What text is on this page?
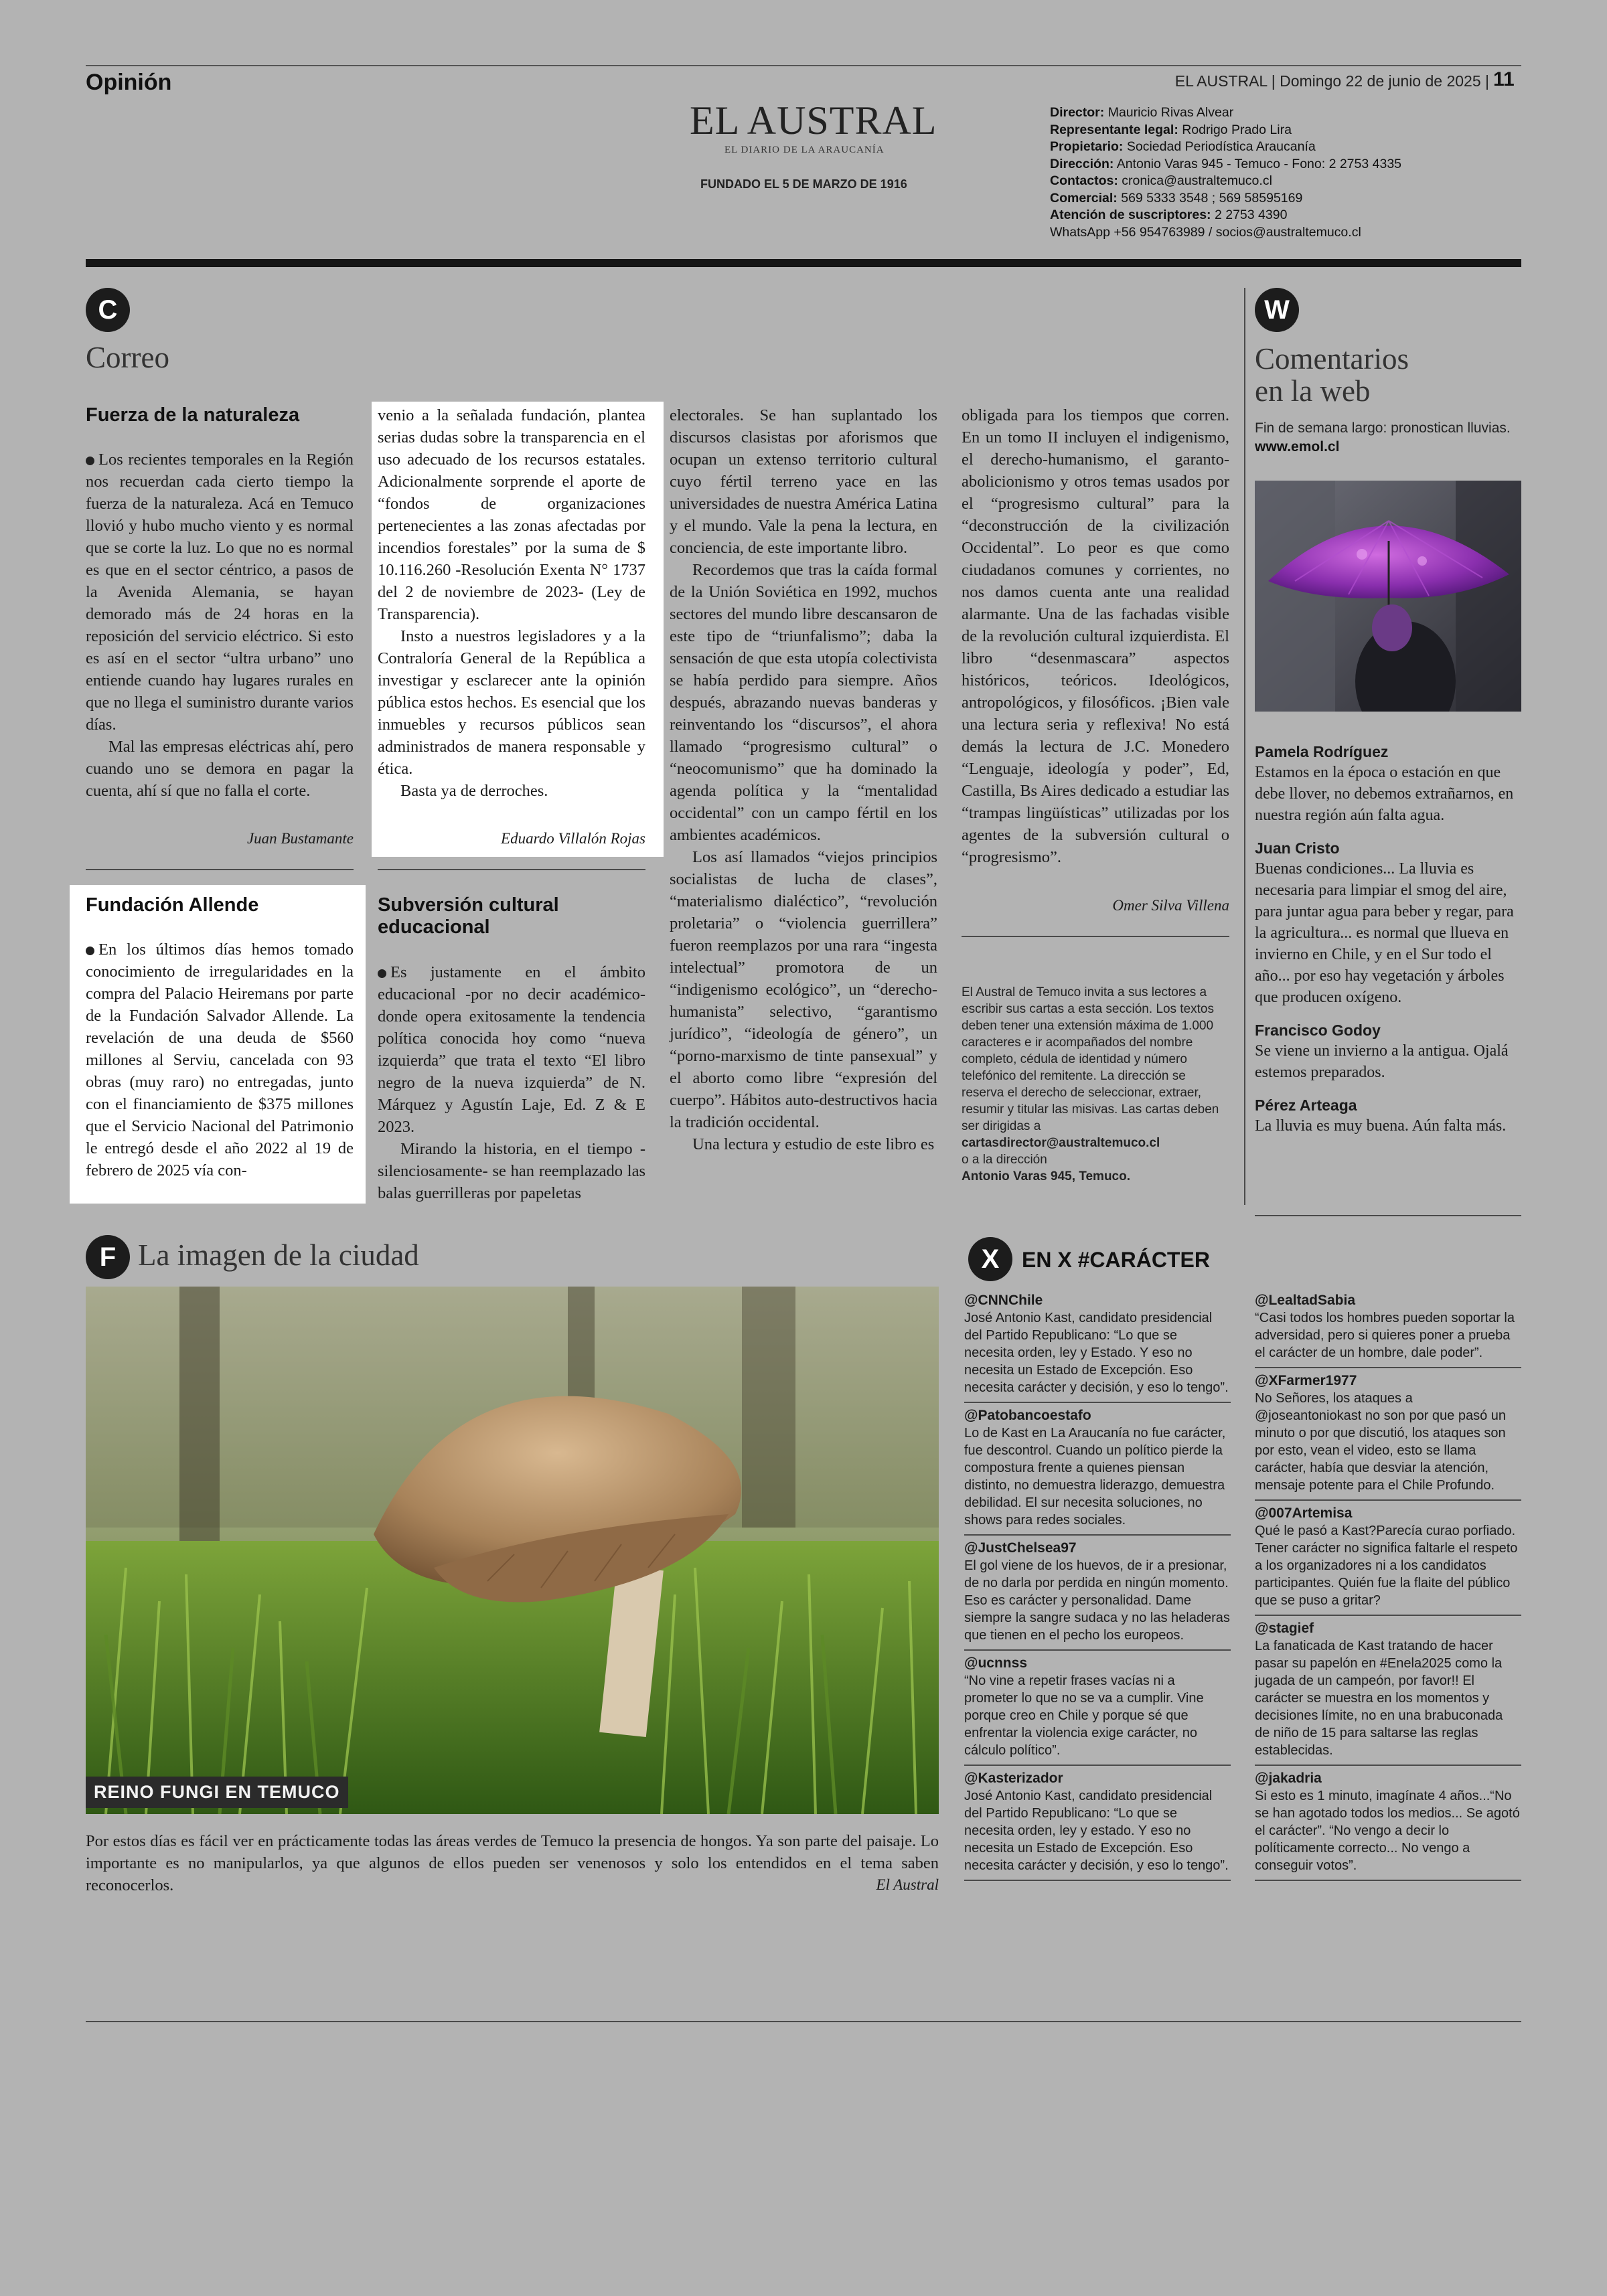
Opinión	EL AUSTRAL | Domingo 22 de junio de 2025 | 11
EL AUSTRAL
EL DIARIO DE LA ARAUCANÍA
FUNDADO EL 5 DE MARZO DE 1916
Director: Mauricio Rivas Alvear
Representante legal: Rodrigo Prado Lira
Propietario: Sociedad Periodística Araucanía
Dirección: Antonio Varas 945 - Temuco - Fono: 2 2753 4335
Contactos: cronica@australtemuco.cl
Comercial: 569 5333 3548 ; 569 58595169
Atención de suscriptores: 2 2753 4390
WhatsApp +56 954763989 / socios@australtemuco.cl
C
Correo
Fuerza de la naturaleza

Los recientes temporales en la Región nos recuerdan cada cierto tiempo la fuerza de la naturaleza. Acá en Temuco llovió y hubo mucho viento y es normal que se corte la luz. Lo que no es normal es que en el sector céntrico, a pasos de la Avenida Alemania, se hayan demorado más de 24 horas en la reposición del servicio eléctrico. Si esto es así en el sector “ultra urbano” uno entiende cuando hay lugares rurales en que no llega el suministro durante varios días.

Mal las empresas eléctricas ahí, pero cuando uno se demora en pagar la cuenta, ahí sí que no falla el corte.

Juan Bustamante
Fundación Allende

En los últimos días hemos tomado conocimiento de irregularidades en la compra del Palacio Heiremans por parte de la Fundación Salvador Allende. La revelación de una deuda de $560 millones al Serviu, cancelada con 93 obras (muy raro) no entregadas, junto con el financiamiento de $375 millones que el Servicio Nacional del Patrimonio le entregó desde el año 2022 al 19 de febrero de 2025 vía con-

venio a la señalada fundación, plantea serias dudas sobre la transparencia en el uso adecuado de los recursos estatales. Adicionalmente sorprende el aporte de “fondos de organizaciones pertenecientes a las zonas afectadas por incendios forestales” por la suma de $ 10.116.260 -Resolución Exenta N° 1737 del 2 de noviembre de 2023- (Ley de Transparencia).

Insto a nuestros legisladores y a la Contraloría General de la República a investigar y esclarecer ante la opinión pública estos hechos. Es esencial que los inmuebles y recursos públicos sean administrados de manera responsable y ética.

Basta ya de derroches.

Eduardo Villalón Rojas
Subversión cultural educacional

Es justamente en el ámbito educacional -por no decir académico- donde opera exitosamente la tendencia política conocida hoy como “nueva izquierda” que trata el texto “El libro negro de la nueva izquierda” de N. Márquez y Agustín Laje, Ed. Z & E 2023.

Mirando la historia, en el tiempo -silenciosamente- se han reemplazado las balas guerrilleras por papeletas

electorales. Se han suplantado los discursos clasistas por aforismos que ocupan un extenso territorio cultural cuyo fértil terreno yace en las universidades de nuestra América Latina y el mundo. Vale la pena la lectura, en conciencia, de este importante libro.

Recordemos que tras la caída formal de la Unión Soviética en 1992, muchos sectores del mundo libre descansaron de este tipo de “triunfalismo”; daba la sensación de que esta utopía colectivista se había perdido para siempre. Años después, abrazando nuevas banderas y reinventando los “discursos”, el ahora llamado “progresismo cultural” o “neocomunismo” que ha dominado la agenda política y la “mentalidad occidental” con un campo fértil en los ambientes académicos.

Los así llamados “viejos principios socialistas de lucha de clases”, “materialismo dialéctico”, “revolución proletaria” o “violencia guerrillera” fueron reemplazos por una rara “ingesta intelectual” promotora de un “indigenismo ecológico”, un “derecho-humanista” selectivo, “garantismo jurídico”, “ideología de género”, un “porno-marxismo de tinte pansexual” y el aborto como libre “expresión del cuerpo”. Hábitos auto-destructivos hacia la tradición occidental.

Una lectura y estudio de este libro es

obligada para los tiempos que corren. En un tomo II incluyen el indigenismo, el derecho-humanismo, el garanto-abolicionismo y otros temas usados por el “progresismo cultural” para la “deconstrucción de la civilización Occidental”. Lo peor es que como ciudadanos comunes y corrientes, no nos damos cuenta ante una realidad alarmante. Una de las fachadas visible de la revolución cultural izquierdista. El libro “desenmascara” aspectos históricos, teóricos. Ideológicos, antropológicos, y filosóficos. ¡Bien vale una lectura seria y reflexiva! No está demás la lectura de J.C. Monedero “Lenguaje, ideología y poder”, Ed, Castilla, Bs Aires dedicado a estudiar las “trampas lingüísticas” utilizadas por los agentes de la subversión cultural o “progresismo”.

Omer Silva Villena
El Austral de Temuco invita a sus lectores a escribir sus cartas a esta sección. Los textos deben tener una extensión máxima de 1.000 caracteres e ir acompañados del nombre completo, cédula de identidad y número telefónico del remitente. La dirección se reserva el derecho de seleccionar, extraer, resumir y titular las misivas. Las cartas deben ser dirigidas a
cartasdirector@australtemuco.cl
o a la dirección
Antonio Varas 945, Temuco.
W
Comentarios
en la web
Fin de semana largo: pronostican lluvias.
www.emol.cl
Pamela Rodríguez
Estamos en la época o estación en que debe llover, no debemos extrañarnos, en nuestra región aún falta agua.
Juan Cristo
Buenas condiciones... La lluvia es necesaria para limpiar el smog del aire, para juntar agua para beber y regar, para la agricultura... es normal que llueva en invierno en Chile, y en el Sur todo el año... por eso hay vegetación y árboles que producen oxígeno.
Francisco Godoy
Se viene un invierno a la antigua. Ojalá estemos preparados.
Pérez Arteaga
La lluvia es muy buena. Aún falta más.
F La imagen de la ciudad
REINO FUNGI EN TEMUCO

Por estos días es fácil ver en prácticamente todas las áreas verdes de Temuco la presencia de hongos. Ya son parte del paisaje. Lo importante es no manipularlos, ya que algunos de ellos pueden ser venenosos y solo los entendidos en el tema saben reconocerlos.	El Austral
X	EN X #CARÁCTER
@CNNChile
José Antonio Kast, candidato presidencial del Partido Republicano: “Lo que se necesita orden, ley y Estado. Y eso no necesita un Estado de Excepción. Eso necesita carácter y decisión, y eso lo tengo”.
@Patobancoestafo
Lo de Kast en La Araucanía no fue carácter, fue descontrol. Cuando un político pierde la compostura frente a quienes piensan distinto, no demuestra liderazgo, demuestra debilidad. El sur necesita soluciones, no shows para redes sociales.
@JustChelsea97
El gol viene de los huevos, de ir a presionar, de no darla por perdida en ningún momento. Eso es carácter y personalidad. Dame siempre la sangre sudaca y no las heladeras que tienen en el pecho los europeos.
@ucnnss
“No vine a repetir frases vacías ni a prometer lo que no se va a cumplir. Vine porque creo en Chile y porque sé que enfrentar la violencia exige carácter, no cálculo político”.
@Kasterizador
José Antonio Kast, candidato presidencial del Partido Republicano: “Lo que se necesita orden, ley y estado. Y eso no necesita un Estado de Excepción. Eso necesita carácter y decisión, y eso lo tengo”.
@LealtadSabia
“Casi todos los hombres pueden soportar la adversidad, pero si quieres poner a prueba el carácter de un hombre, dale poder”.
@XFarmer1977
No Señores, los ataques a @joseantoniokast no son por que pasó un minuto o por que discutió, los ataques son por esto, vean el video, esto se llama carácter, había que desviar la atención, mensaje potente para el Chile Profundo.
@007Artemisa
Qué le pasó a Kast?Parecía curao porfiado. Tener carácter no significa faltarle el respeto a los organizadores ni a los candidatos participantes. Quién fue la flaite del público que se puso a gritar?
@stagief
La fanaticada de Kast tratando de hacer pasar su papelón en #Enela2025 como la jugada de un campeón, por favor!! El carácter se muestra en los momentos y decisiones límite, no en una brabuconada de niño de 15 para saltarse las reglas establecidas.
@jakadria
Si esto es 1 minuto, imagínate 4 años...“No se han agotado todos los medios... Se agotó el carácter”. “No vengo a decir lo políticamente correcto... No vengo a conseguir votos”.
